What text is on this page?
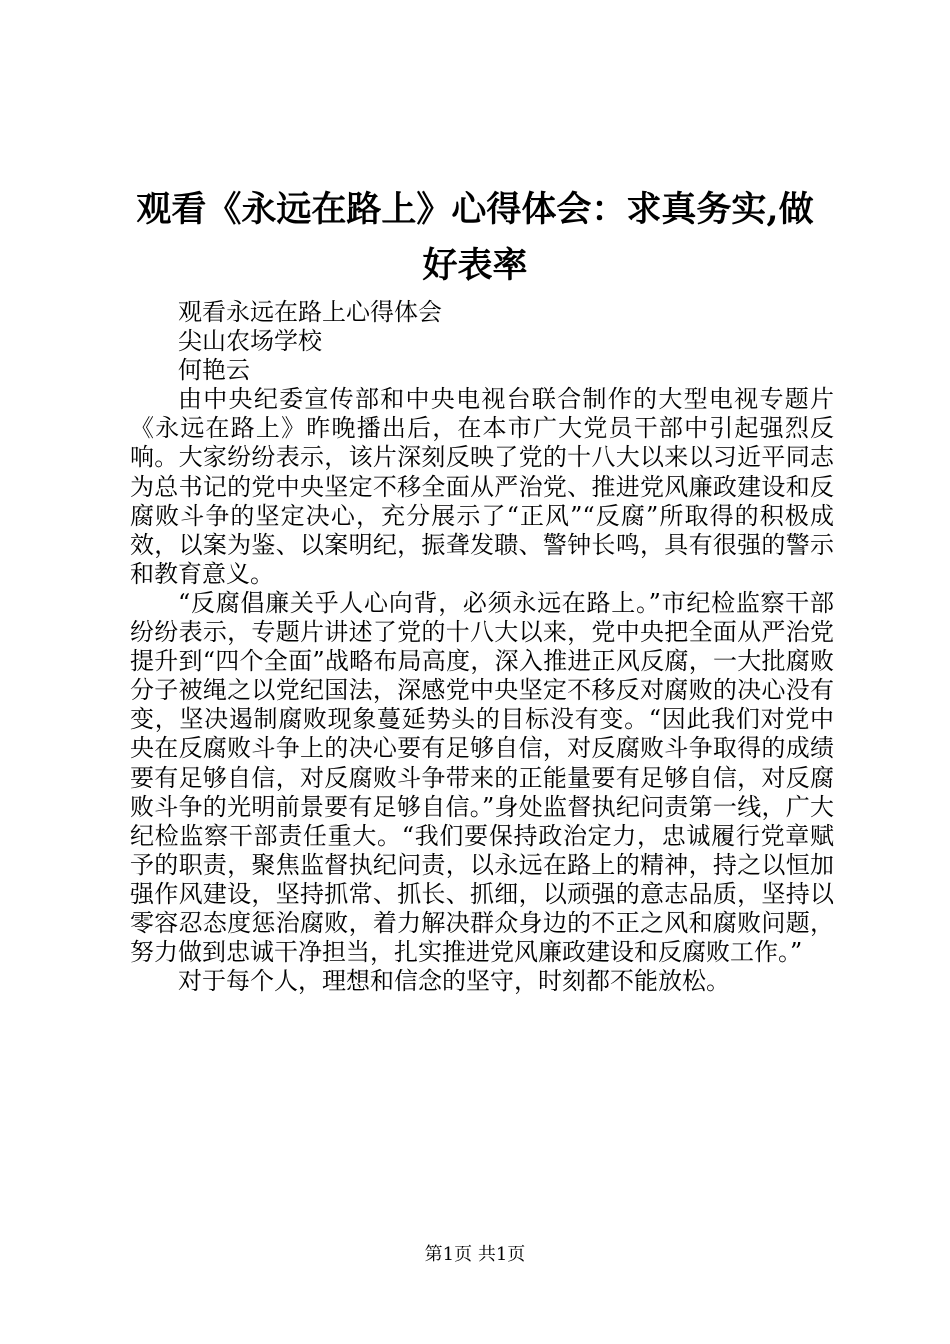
观看《永远在路上》心得体会：求真务实,做好表率

观看永远在路上心得体会

尖山农场学校

何艳云

由中央纪委宣传部和中央电视台联合制作的大型电视专题片《永远在路上》昨晚播出后，在本市广大党员干部中引起强烈反响。大家纷纷表示，该片深刻反映了党的十八大以来以习近平同志为总书记的党中央坚定不移全面从严治党、推进党风廉政建设和反腐败斗争的坚定决心，充分展示了“正风”“反腐”所取得的积极成效，以案为鉴、以案明纪，振聋发聩、警钟长鸣，具有很强的警示和教育意义。

“反腐倡廉关乎人心向背，必须永远在路上。”市纪检监察干部纷纷表示，专题片讲述了党的十八大以来，党中央把全面从严治党提升到“四个全面”战略布局高度，深入推进正风反腐，一大批腐败分子被绳之以党纪国法，深感党中央坚定不移反对腐败的决心没有变，坚决遏制腐败现象蔓延势头的目标没有变。“因此我们对党中央在反腐败斗争上的决心要有足够自信，对反腐败斗争取得的成绩要有足够自信，对反腐败斗争带来的正能量要有足够自信，对反腐败斗争的光明前景要有足够自信。”身处监督执纪问责第一线，广大纪检监察干部责任重大。“我们要保持政治定力，忠诚履行党章赋予的职责，聚焦监督执纪问责，以永远在路上的精神，持之以恒加强作风建设，坚持抓常、抓长、抓细，以顽强的意志品质，坚持以零容忍态度惩治腐败，着力解决群众身边的不正之风和腐败问题，努力做到忠诚干净担当，扎实推进党风廉政建设和反腐败工作。”

对于每个人，理想和信念的坚守，时刻都不能放松。

第1页 共1页
